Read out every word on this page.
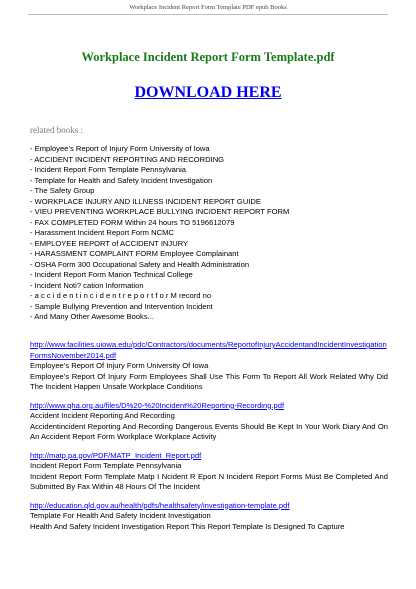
Workplace Incident Report Form Template PDF epub Books
Workplace Incident Report Form Template.pdf
DOWNLOAD HERE
related books :
- Employee’s Report of Injury Form University of Iowa
- ACCIDENT INCIDENT REPORTING AND RECORDING
- Incident Report Form Template Pennsylvania
- Template for Health and Safety Incident Investigation
- The Safety Group
- WORKPLACE INJURY AND ILLNESS INCIDENT REPORT GUIDE
- VIEU PREVENTING WORKPLACE BULLYING INCIDENT REPORT FORM
- FAX COMPLETED FORM Within 24 hours TO 5196612079
- Harassment Incident Report Form NCMC
- EMPLOYEE REPORT of ACCIDENT INJURY
- HARASSMENT COMPLAINT FORM Employee Complainant
- OSHA Form 300 Occupational Safety and Health Administration
- Incident Report Form Marion Technical College
- Incident Noti? cation Information
- a c c i d e n t i n c i d e n t r e p o r t f o r M record no
- Sample Bullying Prevention and Intervention Incident
- And Many Other Awesome Books...
http://www.facilities.uiowa.edu/pdc/Contractors/documents/ReportofInjuryAccidentandIncidentInvestigationFormsNovember2014.pdf
Employee’s Report Of Injury Form University Of Iowa
Employee’s Report Of Injury Form Employees Shall Use This Form To Report All Work Related Why Did The Incident Happen Unsafe Workplace Conditions
http://www.qha.org.au/files/D%20-%20Incident%20Reporting-Recording.pdf
Accident Incident Reporting And Recording
Accidentincident Reporting And Recording Dangerous Events Should Be Kept In Your Work Diary And On An Accident Report Form Workplace Workplace Activity
http://matp.pa.gov/PDF/MATP_Incident_Report.pdf
Incident Report Form Template Pennsylvania
Incident Report Form Template Matp I Ncident R Eport N Incident Report Forms Must Be Completed And Submitted By Fax Within 48 Hours Of The Incident
http://education.qld.gov.au/health/pdfs/healthsafety/investigation-template.pdf
Template For Health And Safety Incident Investigation
Health And Safety Incident Investigation Report This Report Template Is Designed To Capture
